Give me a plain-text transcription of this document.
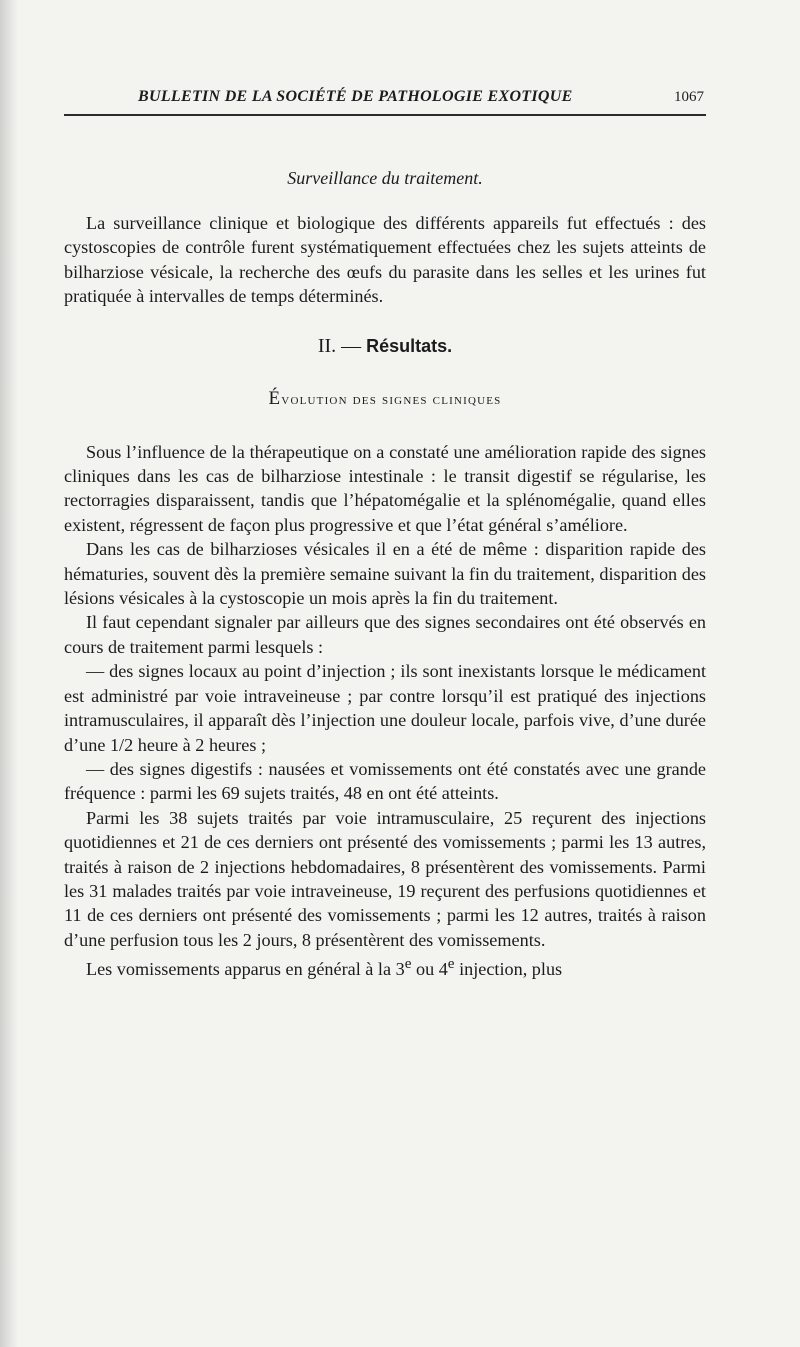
BULLETIN DE LA SOCIÉTÉ DE PATHOLOGIE EXOTIQUE	1067
Surveillance du traitement.

La surveillance clinique et biologique des différents appareils fut effectués : des cystoscopies de contrôle furent systématiquement effectuées chez les sujets atteints de bilharziose vésicale, la recherche des œufs du parasite dans les selles et les urines fut pratiquée à intervalles de temps déterminés.

II. — Résultats.
Évolution des signes cliniques

Sous l’influence de la thérapeutique on a constaté une amélioration rapide des signes cliniques dans les cas de bilharziose intestinale : le transit digestif se régularise, les rectorragies disparaissent, tandis que l’hépatomégalie et la splénomégalie, quand elles existent, régressent de façon plus progressive et que l’état général s’améliore.

Dans les cas de bilharzioses vésicales il en a été de même : disparition rapide des hématuries, souvent dès la première semaine suivant la fin du traitement, disparition des lésions vésicales à la cystoscopie un mois après la fin du traitement.

Il faut cependant signaler par ailleurs que des signes secondaires ont été observés en cours de traitement parmi lesquels :

— des signes locaux au point d’injection ; ils sont inexistants lorsque le médicament est administré par voie intraveineuse ; par contre lorsqu’il est pratiqué des injections intramusculaires, il apparaît dès l’injection une douleur locale, parfois vive, d’une durée d’une 1/2 heure à 2 heures ;

— des signes digestifs : nausées et vomissements ont été constatés avec une grande fréquence : parmi les 69 sujets traités, 48 en ont été atteints.

Parmi les 38 sujets traités par voie intramusculaire, 25 reçurent des injections quotidiennes et 21 de ces derniers ont présenté des vomissements ; parmi les 13 autres, traités à raison de 2 injections hebdomadaires, 8 présentèrent des vomissements. Parmi les 31 malades traités par voie intraveineuse, 19 reçurent des perfusions quotidiennes et 11 de ces derniers ont présenté des vomissements ; parmi les 12 autres, traités à raison d’une perfusion tous les 2 jours, 8 présentèrent des vomissements.

Les vomissements apparus en général à la 3e ou 4e injection, plus
